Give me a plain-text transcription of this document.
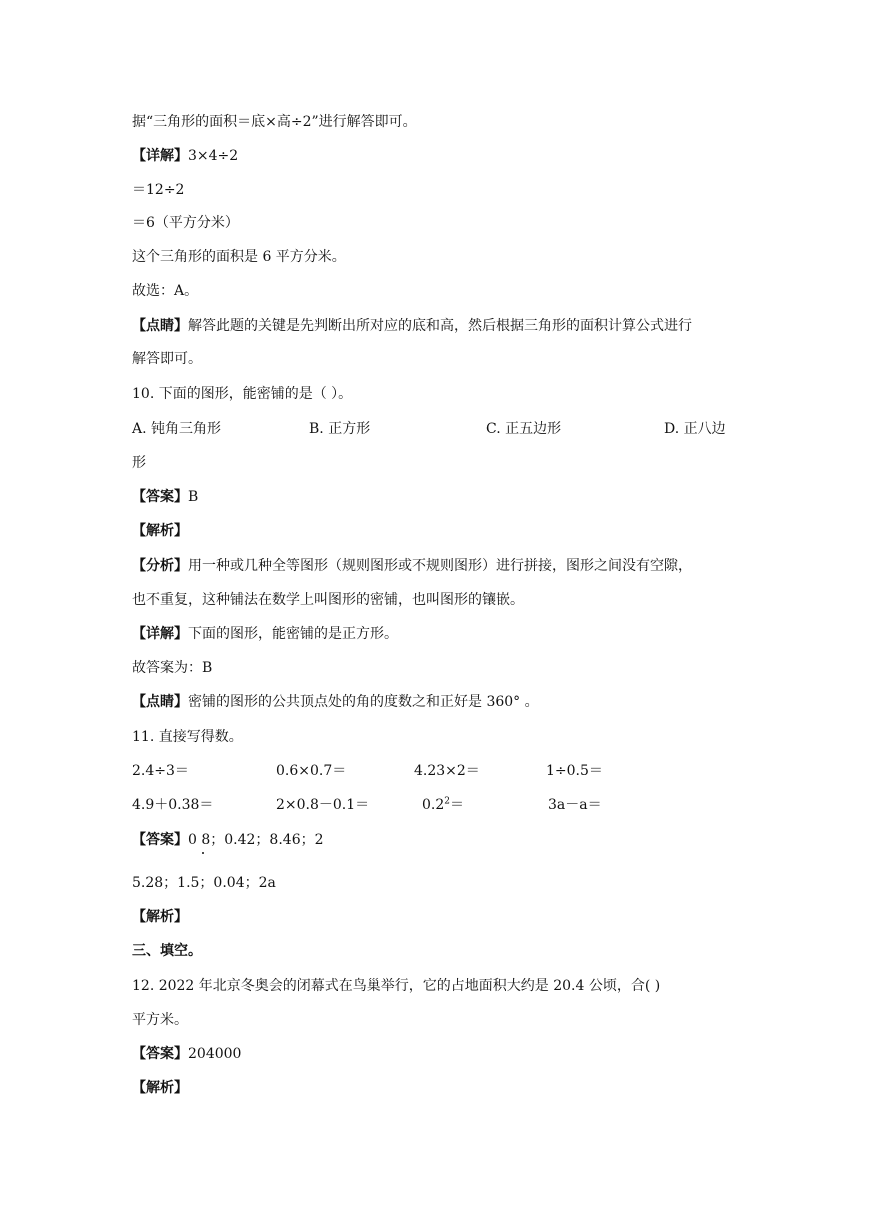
据“三角形的面积＝底×高÷2”进行解答即可。
【详解】3×4÷2
＝12÷2
＝6（平方分米）
这个三角形的面积是 6 平方分米。
故选：A。
【点睛】解答此题的关键是先判断出所对应的底和高，然后根据三角形的面积计算公式进行
解答即可。
10. 下面的图形，能密铺的是（ ）。
A. 钝角三角形	B. 正方形	C. 正五边形	D. 正八边
形
【答案】B
【解析】
【分析】用一种或几种全等图形（规则图形或不规则图形）进行拼接，图形之间没有空隙，
也不重复，这种铺法在数学上叫图形的密铺，也叫图形的镶嵌。
【详解】下面的图形，能密铺的是正方形。
故答案为：B
【点睛】密铺的图形的公共顶点处的角的度数之和正好是 360° 。
11. 直接写得数。
2.4÷3＝	0.6×0.7＝	4.23×2＝	1÷0.5＝
4.9＋0.38＝	2×0.8－0.1＝	$0.2^2=$	3a－a＝
【答案】0 8；0.42；8.46；2
5.28；1.5；0.04；2a
【解析】
三、填空。
12. 2022 年北京冬奥会的闭幕式在鸟巢举行，它的占地面积大约是 20.4 公顷，合( )
平方米。
【答案】204000
【解析】
